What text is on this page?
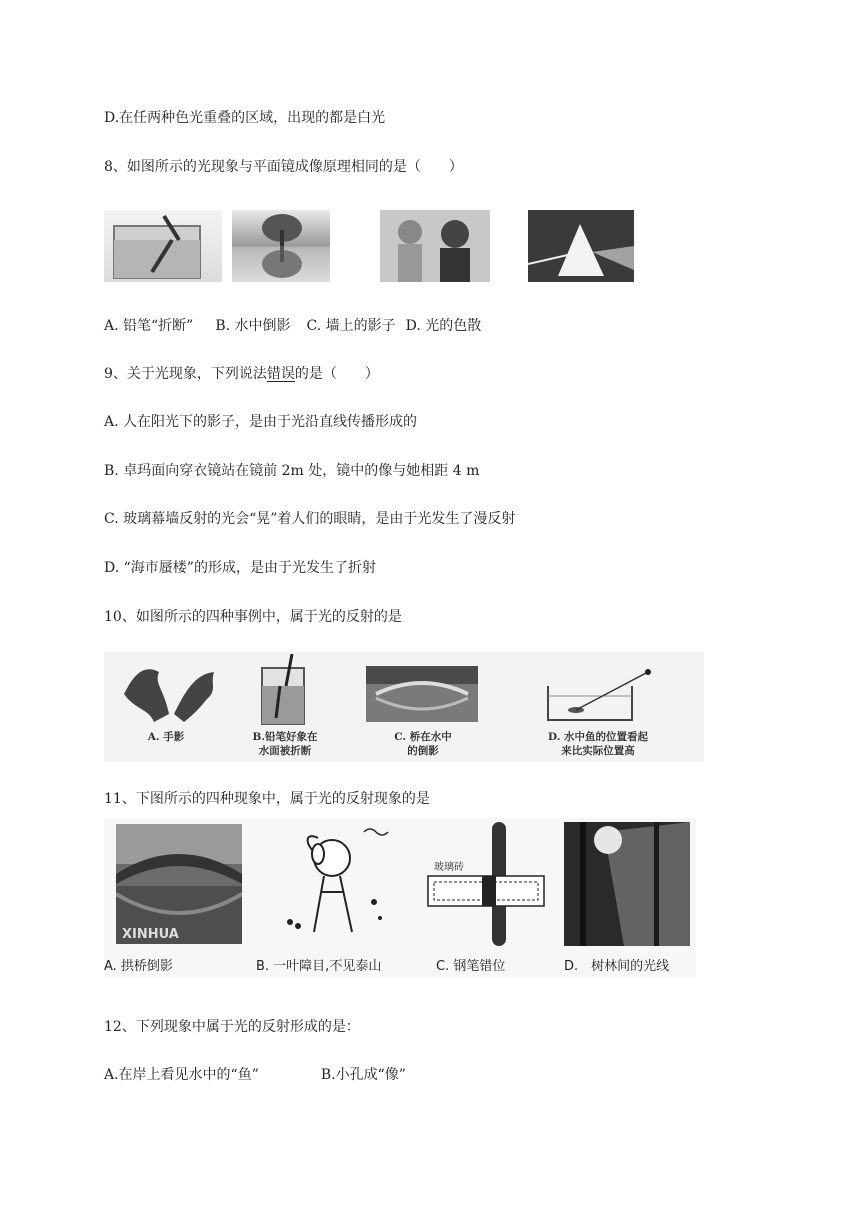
D.在任两种色光重叠的区域，出现的都是白光
8、如图所示的光现象与平面镜成像原理相同的是（　　）
A. 铅笔“折断” B. 水中倒影 C. 墙上的影子 D. 光的色散
9、关于光现象，下列说法错误的是（　　）
A. 人在阳光下的影子，是由于光沿直线传播形成的
B. 卓玛面向穿衣镜站在镜前 2m 处，镜中的像与她相距 4 m
C. 玻璃幕墙反射的光会“晃”着人们的眼睛，是由于光发生了漫反射
D. “海市蜃楼”的形成，是由于光发生了折射
10、如图所示的四种事例中，属于光的反射的是
A. 手影	B.铅笔好象在
水面被折断
C. 桥在水中
的倒影
D. 水中鱼的位置看起
来比实际位置高
11、下图所示的四种现象中，属于光的反射现象的是
XINHUA
玻璃砖
A. 拱桥倒影	B. 一叶障目,不见泰山	C. 钢笔错位	D.　树林间的光线
12、下列现象中属于光的反射形成的是：
A.在岸上看见水中的“鱼”	B.小孔成“像”
